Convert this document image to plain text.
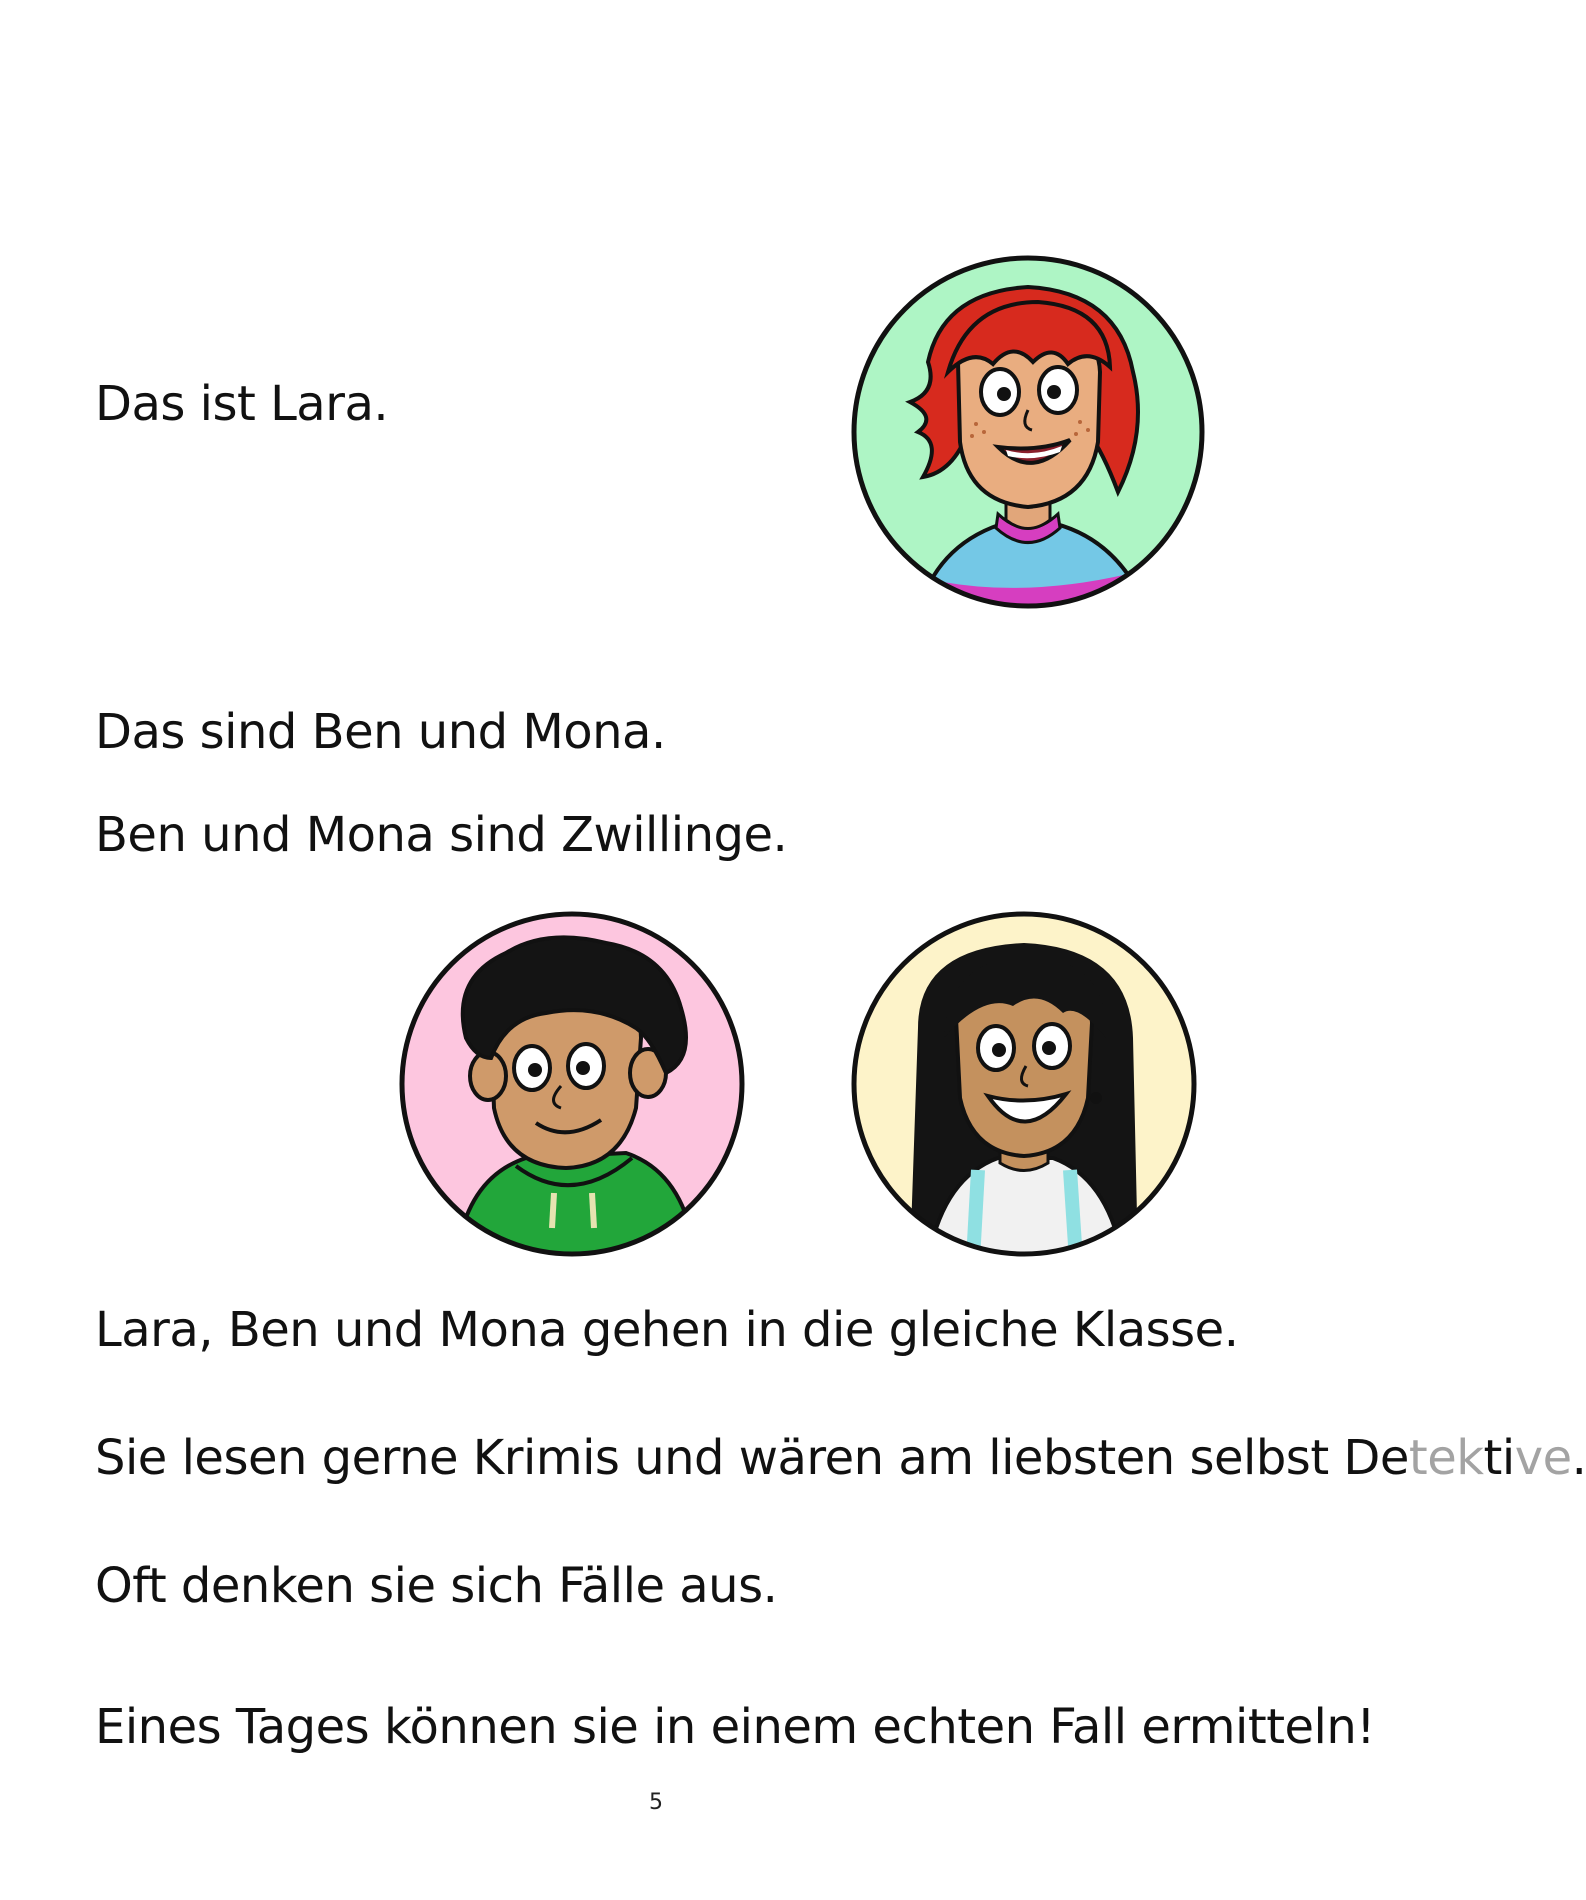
Das ist Lara.
Das sind Ben und Mona.
Ben und Mona sind Zwillinge.
Lara, Ben und Mona gehen in die gleiche Klasse.
Sie lesen gerne Krimis und wären am liebsten selbst Detektive.
Oft denken sie sich Fälle aus.
Eines Tages können sie in einem echten Fall ermitteln!
5
